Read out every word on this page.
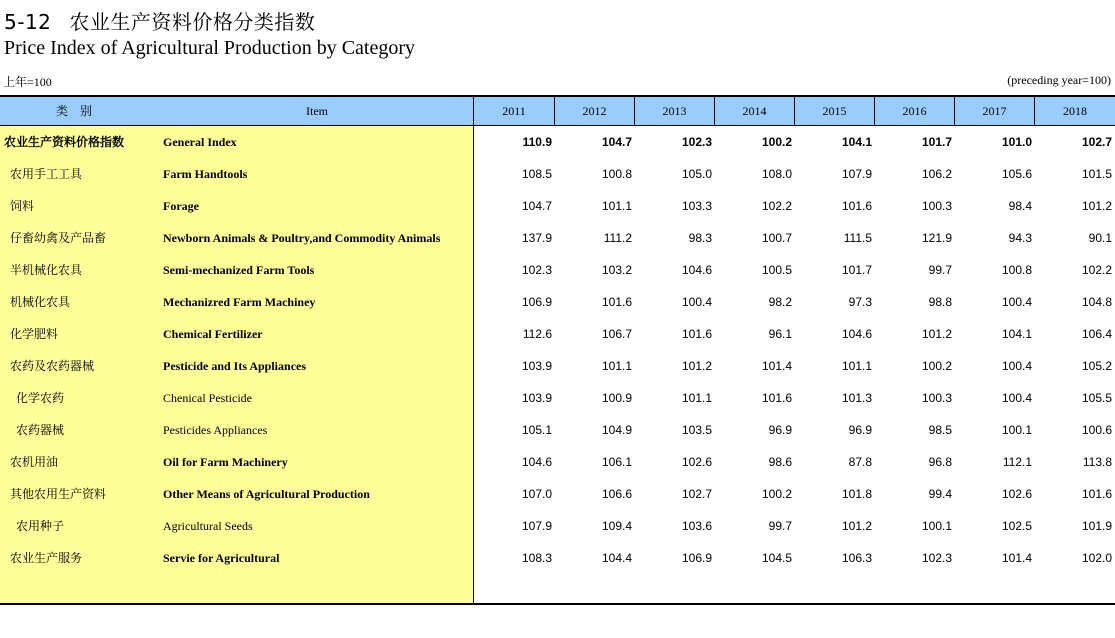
5-12 农业生产资料价格分类指数
Price Index of Agricultural Production by Category
上年=100	(preceding year=100)
类别	Item	2011	2012	2013	2014	2015	2016	2017	2018
农业生产资料价格指数	General Index	110.9	104.7	102.3	100.2	104.1	101.7	101.0	102.7
农用手工工具	Farm Handtools	108.5	100.8	105.0	108.0	107.9	106.2	105.6	101.5
饲料	Forage	104.7	101.1	103.3	102.2	101.6	100.3	98.4	101.2
仔畜幼禽及产品畜	Newborn Animals & Poultry,and Commodity Animals	137.9	111.2	98.3	100.7	111.5	121.9	94.3	90.1
半机械化农具	Semi-mechanized Farm Tools	102.3	103.2	104.6	100.5	101.7	99.7	100.8	102.2
机械化农具	Mechanizred Farm Machiney	106.9	101.6	100.4	98.2	97.3	98.8	100.4	104.8
化学肥料	Chemical Fertilizer	112.6	106.7	101.6	96.1	104.6	101.2	104.1	106.4
农药及农药器械	Pesticide and Its Appliances	103.9	101.1	101.2	101.4	101.1	100.2	100.4	105.2
化学农药	Chenical Pesticide	103.9	100.9	101.1	101.6	101.3	100.3	100.4	105.5
农药器械	Pesticides Appliances	105.1	104.9	103.5	96.9	96.9	98.5	100.1	100.6
农机用油	Oil for Farm Machinery	104.6	106.1	102.6	98.6	87.8	96.8	112.1	113.8
其他农用生产资料	Other Means of Agricultural Production	107.0	106.6	102.7	100.2	101.8	99.4	102.6	101.6
农用种子	Agricultural Seeds	107.9	109.4	103.6	99.7	101.2	100.1	102.5	101.9
农业生产服务	Servie for Agricultural	108.3	104.4	106.9	104.5	106.3	102.3	101.4	102.0
